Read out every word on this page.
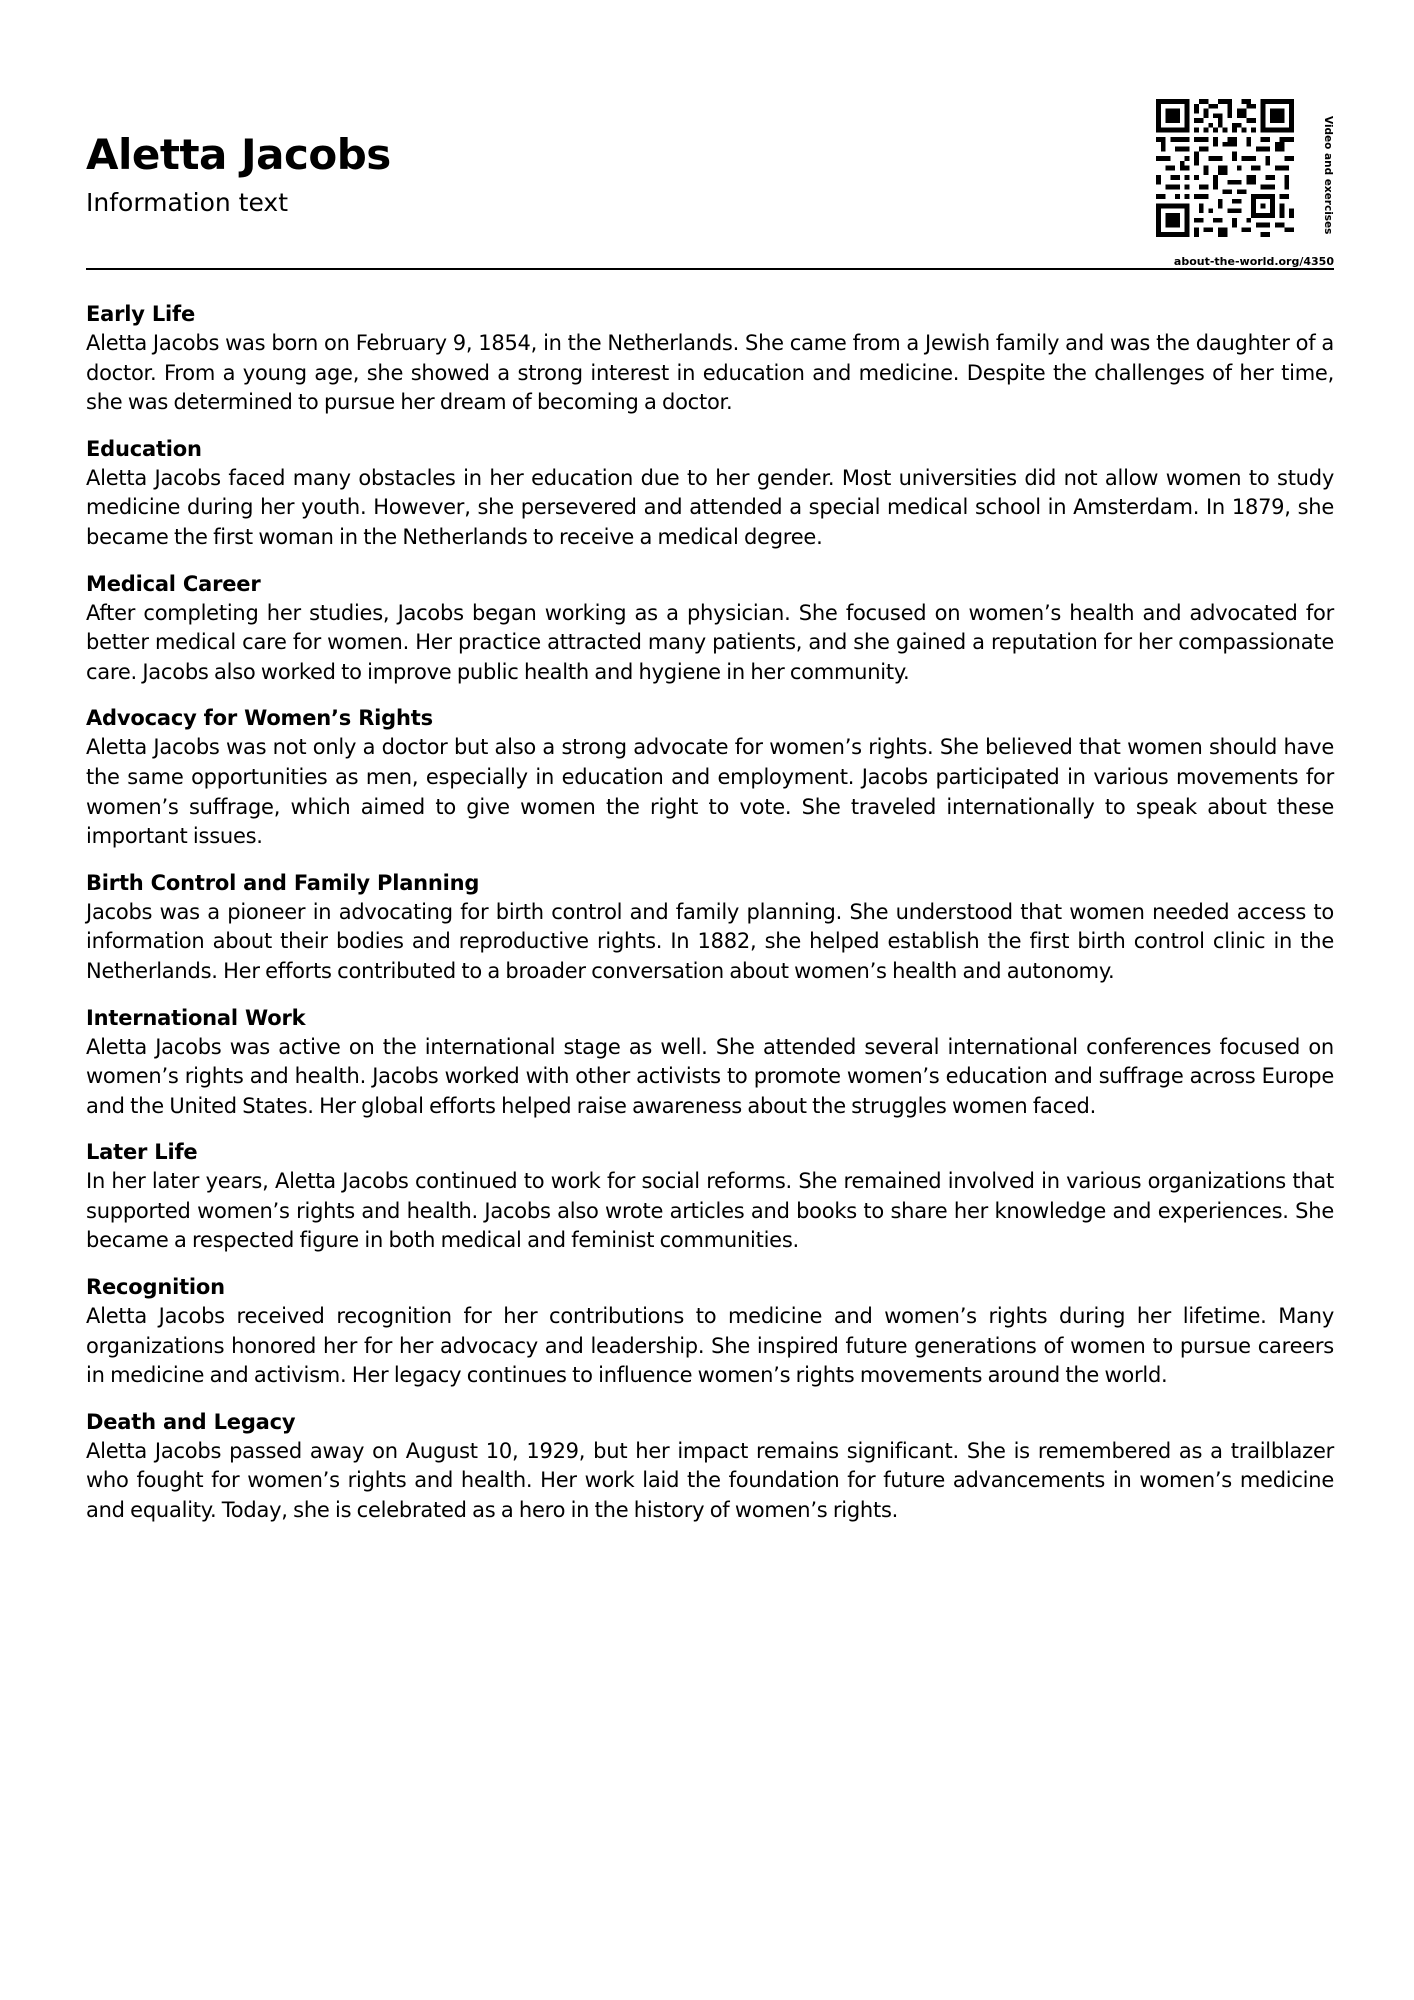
Aletta Jacobs
Information text	Video and exercises
about-the-world.org/4350
Early Life

Aletta Jacobs was born on February 9, 1854, in the Netherlands. She came from a Jewish family and was the daughter of a doctor. From a young age, she showed a strong interest in education and medicine. Despite the challenges of her time, she was determined to pursue her dream of becoming a doctor.

Education

Aletta Jacobs faced many obstacles in her education due to her gender. Most universities did not allow women to study medicine during her youth. However, she persevered and attended a special medical school in Amsterdam. In 1879, she became the first woman in the Netherlands to receive a medical degree.

Medical Career

After completing her studies, Jacobs began working as a physician. She focused on women’s health and advocated for better medical care for women. Her practice attracted many patients, and she gained a reputation for her compassionate care. Jacobs also worked to improve public health and hygiene in her community.

Advocacy for Women’s Rights

Aletta Jacobs was not only a doctor but also a strong advocate for women’s rights. She believed that women should have the same opportunities as men, especially in education and employment. Jacobs participated in various movements for women’s suffrage, which aimed to give women the right to vote. She traveled internationally to speak about these important issues.

Birth Control and Family Planning

Jacobs was a pioneer in advocating for birth control and family planning. She understood that women needed access to information about their bodies and reproductive rights. In 1882, she helped establish the first birth control clinic in the Netherlands. Her efforts contributed to a broader conversation about women’s health and autonomy.

International Work

Aletta Jacobs was active on the international stage as well. She attended several international conferences focused on women’s rights and health. Jacobs worked with other activists to promote women’s education and suffrage across Europe and the United States. Her global efforts helped raise awareness about the struggles women faced.

Later Life

In her later years, Aletta Jacobs continued to work for social reforms. She remained involved in various organizations that supported women’s rights and health. Jacobs also wrote articles and books to share her knowledge and experiences. She became a respected figure in both medical and feminist communities.

Recognition

Aletta Jacobs received recognition for her contributions to medicine and women’s rights during her lifetime. Many organizations honored her for her advocacy and leadership. She inspired future generations of women to pursue careers in medicine and activism. Her legacy continues to influence women’s rights movements around the world.

Death and Legacy

Aletta Jacobs passed away on August 10, 1929, but her impact remains significant. She is remembered as a trailblazer who fought for women’s rights and health. Her work laid the foundation for future advancements in women’s medicine and equality. Today, she is celebrated as a hero in the history of women’s rights.
